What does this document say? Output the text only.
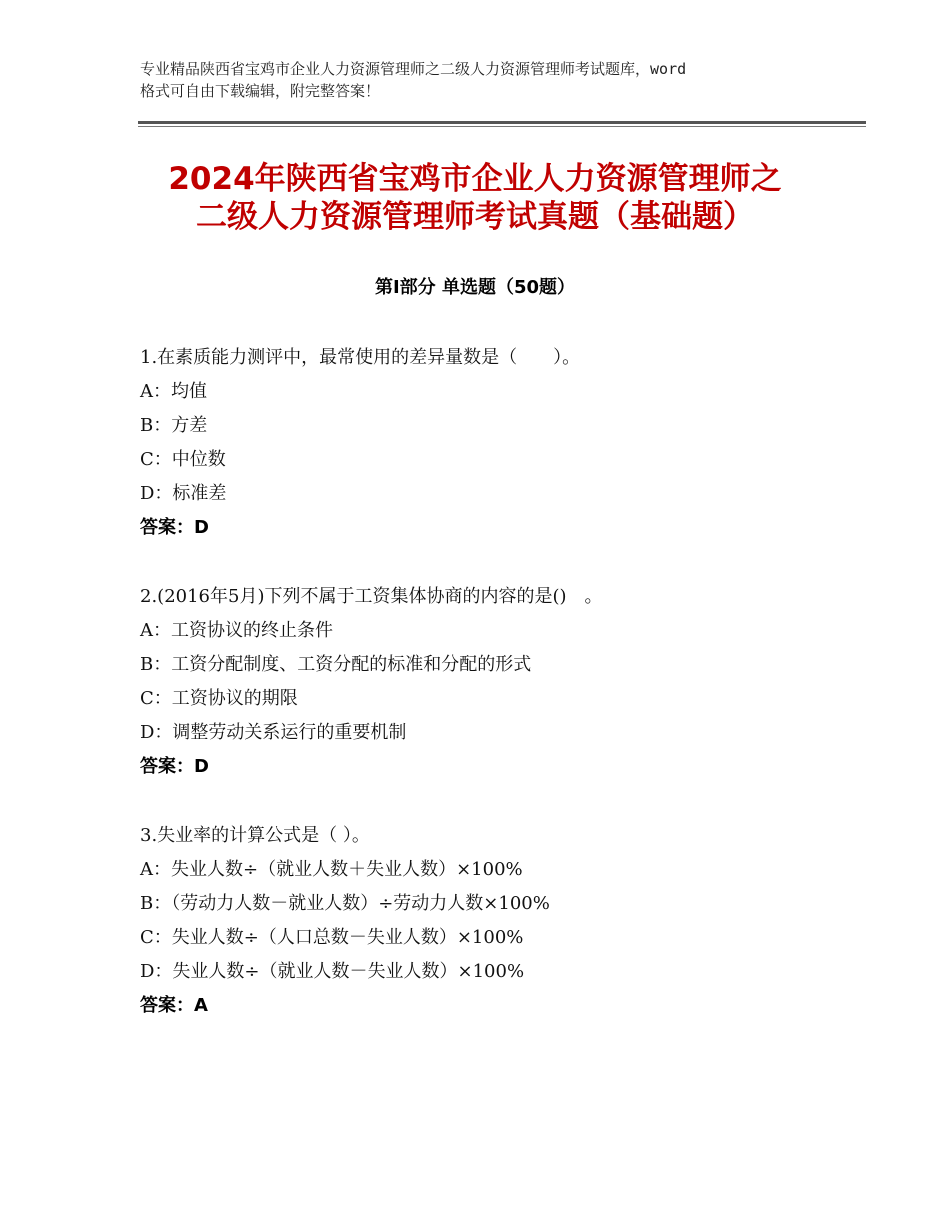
专业精品陕西省宝鸡市企业人力资源管理师之二级人力资源管理师考试题库，word
格式可自由下载编辑，附完整答案！
2024年陕西省宝鸡市企业人力资源管理师之
二级人力资源管理师考试真题（基础题）
第Ⅰ部分 单选题（50题）
1.在素质能力测评中，最常使用的差异量数是（　　）。
A：均值
B：方差
C：中位数
D：标准差
答案：D
2.(2016年5月)下列不属于工资集体协商的内容的是()　。
A：工资协议的终止条件
B：工资分配制度、工资分配的标准和分配的形式
C：工资协议的期限
D：调整劳动关系运行的重要机制
答案：D
3.失业率的计算公式是（ ）。
A：失业人数÷（就业人数＋失业人数）×100%
B：（劳动力人数－就业人数）÷劳动力人数×100%
C：失业人数÷（人口总数－失业人数）×100%
D：失业人数÷（就业人数－失业人数）×100%
答案：A
